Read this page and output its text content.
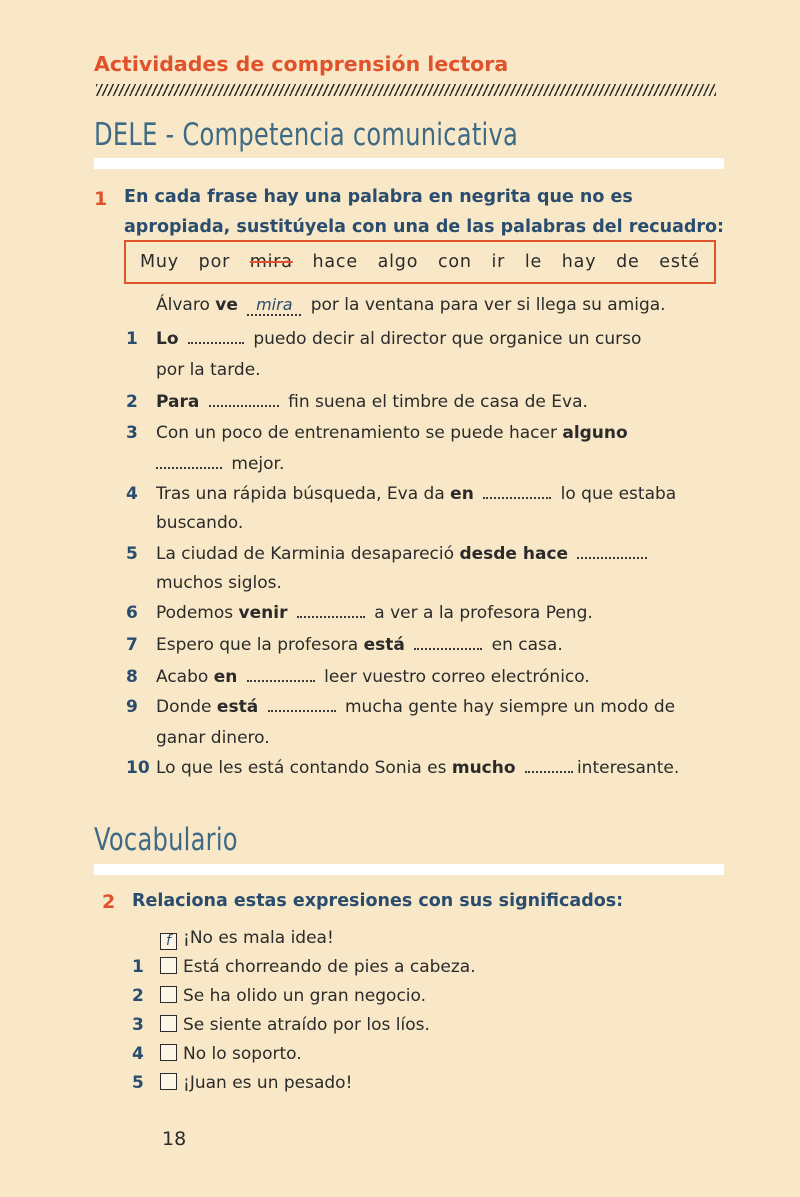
Actividades de comprensión lectora
DELE - Competencia comunicativa
1 En cada frase hay una palabra en negrita que no es
apropiada, sustitúyela con una de las palabras del recuadro:
Muy por mira hace algo con ir le hay de esté
Álvaro ve mira por la ventana para ver si llega su amiga.
1 Lo	puedo decir al director que organice un curso
por la tarde.
2 Para	fin suena el timbre de casa de Eva.
3 Con un poco de entrenamiento se puede hacer alguno
mejor.
4 Tras una rápida búsqueda, Eva da en	lo que estaba
buscando.
5 La ciudad de Karminia desapareció desde hace
muchos siglos.
6 Podemos venir	a ver a la profesora Peng.
7 Espero que la profesora está	en casa.
8 Acabo en	leer vuestro correo electrónico.
9 Donde está	mucha gente hay siempre un modo de
ganar dinero.
10 Lo que les está contando Sonia es mucho	interesante.
Vocabulario
2 Relaciona estas expresiones con sus significados:
f ¡No es mala idea!
1 Está chorreando de pies a cabeza.
2 Se ha olido un gran negocio.
3 Se siente atraído por los líos.
4 No lo soporto.
5 ¡Juan es un pesado!
18
